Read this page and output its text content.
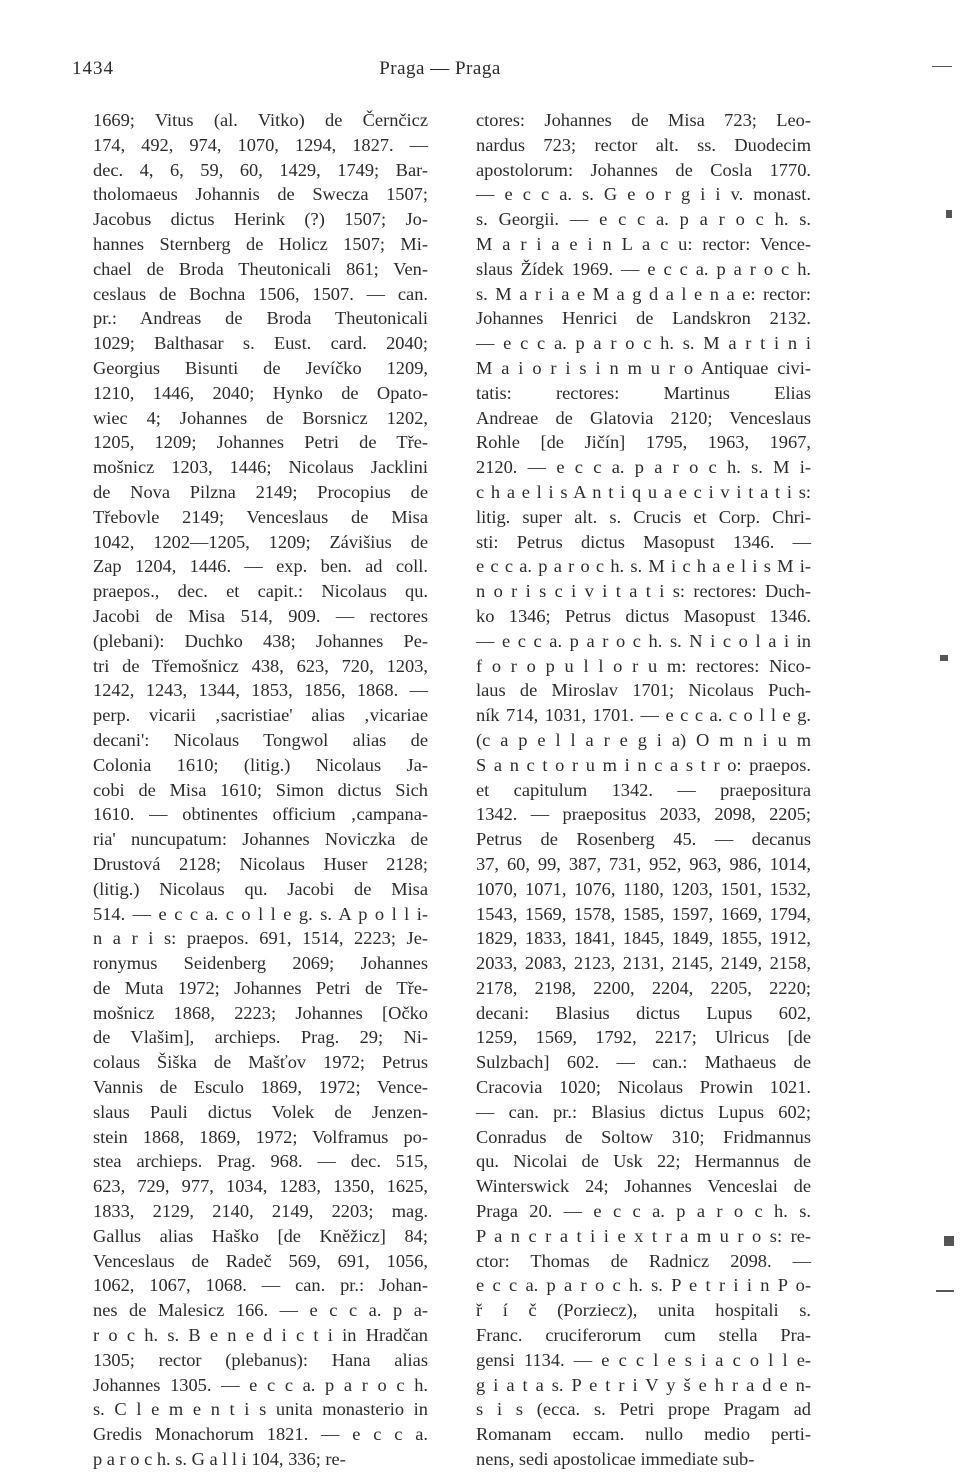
1434	Praga — Praga
1669; Vitus (al. Vitko) de Černčicz
174, 492, 974, 1070, 1294, 1827. —
dec. 4, 6, 59, 60, 1429, 1749; Bar-
tholomaeus Johannis de Swecza 1507;
Jacobus dictus Herink (?) 1507; Jo-
hannes Sternberg de Holicz 1507; Mi-
chael de Broda Theutonicali 861; Ven-
ceslaus de Bochna 1506, 1507. — can.
pr.: Andreas de Broda Theutonicali
1029; Balthasar s. Eust. card. 2040;
Georgius Bisunti de Jevíčko 1209,
1210, 1446, 2040; Hynko de Opato-
wiec 4; Johannes de Borsnicz 1202,
1205, 1209; Johannes Petri de Tře-
mošnicz 1203, 1446; Nicolaus Jacklini
de Nova Pilzna 2149; Procopius de
Třebovle 2149; Venceslaus de Misa
1042, 1202—1205, 1209; Závišius de
Zap 1204, 1446. — exp. ben. ad coll.
praepos., dec. et capit.: Nicolaus qu.
Jacobi de Misa 514, 909. — rectores
(plebani): Duchko 438; Johannes Pe-
tri de Třemošnicz 438, 623, 720, 1203,
1242, 1243, 1344, 1853, 1856, 1868. —
perp. vicarii ‚sacristiae' alias ‚vicariae
decani': Nicolaus Tongwol alias de
Colonia 1610; (litig.) Nicolaus Ja-
cobi de Misa 1610; Simon dictus Sich
1610. — obtinentes officium ‚campana-
ria' nuncupatum: Johannes Noviczka de
Drustová 2128; Nicolaus Huser 2128;
(litig.) Nicolaus qu. Jacobi de Misa
514. — e c c a. c o l l e g. s. A p o l l i-
n a r i s: praepos. 691, 1514, 2223; Je-
ronymus Seidenberg 2069; Johannes
de Muta 1972; Johannes Petri de Tře-
mošnicz 1868, 2223; Johannes [Očko
de Vlašim], archieps. Prag. 29; Ni-
colaus Šiška de Mašťov 1972; Petrus
Vannis de Esculo 1869, 1972; Vence-
slaus Pauli dictus Volek de Jenzen-
stein 1868, 1869, 1972; Volframus po-
stea archieps. Prag. 968. — dec. 515,
623, 729, 977, 1034, 1283, 1350, 1625,
1833, 2129, 2140, 2149, 2203; mag.
Gallus alias Haško [de Kněžicz] 84;
Venceslaus de Radeč 569, 691, 1056,
1062, 1067, 1068. — can. pr.: Johan-
nes de Malesicz 166. — e c c a. p a-
r o c h. s. B e n e d i c t i in Hradčan
1305; rector (plebanus): Hana alias
Johannes 1305. — e c c a. p a r o c h.
s. C l e m e n t i s unita monasterio in
Gredis Monachorum 1821. — e c c a.
p a r o c h. s. G a l l i 104, 336; re-
ctores: Johannes de Misa 723; Leo-
nardus 723; rector alt. ss. Duodecim
apostolorum: Johannes de Cosla 1770.
— e c c a. s. G e o r g i i v. monast.
s. Georgii. — e c c a. p a r o c h. s.
M a r i a e i n L a c u: rector: Vence-
slaus Žídek 1969. — e c c a. p a r o c h.
s. M a r i a e M a g d a l e n a e: rector:
Johannes Henrici de Landskron 2132.
— e c c a. p a r o c h. s. M a r t i n i
M a i o r i s i n m u r o Antiquae civi-
tatis: rectores: Martinus Elias
Andreae de Glatovia 2120; Venceslaus
Rohle [de Jičín] 1795, 1963, 1967,
2120. — e c c a. p a r o c h. s. M i-
c h a e l i s A n t i q u a e c i v i t a t i s:
litig. super alt. s. Crucis et Corp. Chri-
sti: Petrus dictus Masopust 1346. —
e c c a. p a r o c h. s. M i c h a e l i s M i-
n o r i s c i v i t a t i s: rectores: Duch-
ko 1346; Petrus dictus Masopust 1346.
— e c c a. p a r o c h. s. N i c o l a i in
f o r o p u l l o r u m: rectores: Nico-
laus de Miroslav 1701; Nicolaus Puch-
ník 714, 1031, 1701. — e c c a. c o l l e g.
(c a p e l l a r e g i a) O m n i u m
S a n c t o r u m i n c a s t r o: praepos.
et capitulum 1342. — praepositura
1342. — praepositus 2033, 2098, 2205;
Petrus de Rosenberg 45. — decanus
37, 60, 99, 387, 731, 952, 963, 986, 1014,
1070, 1071, 1076, 1180, 1203, 1501, 1532,
1543, 1569, 1578, 1585, 1597, 1669, 1794,
1829, 1833, 1841, 1845, 1849, 1855, 1912,
2033, 2083, 2123, 2131, 2145, 2149, 2158,
2178, 2198, 2200, 2204, 2205, 2220;
decani: Blasius dictus Lupus 602,
1259, 1569, 1792, 2217; Ulricus [de
Sulzbach] 602. — can.: Mathaeus de
Cracovia 1020; Nicolaus Prowin 1021.
— can. pr.: Blasius dictus Lupus 602;
Conradus de Soltow 310; Fridmannus
qu. Nicolai de Usk 22; Hermannus de
Winterswick 24; Johannes Venceslai de
Praga 20. — e c c a. p a r o c h. s.
P a n c r a t i i e x t r a m u r o s: re-
ctor: Thomas de Radnicz 2098. —
e c c a. p a r o c h. s. P e t r i i n P o-
ř í č (Porziecz), unita hospitali s.
Franc. cruciferorum cum stella Pra-
gensi 1134. — e c c l e s i a c o l l e-
g i a t a s. P e t r i V y š e h r a d e n-
s i s (ecca. s. Petri prope Pragam ad
Romanam eccam. nullo medio perti-
nens, sedi apostolicae immediate sub-
